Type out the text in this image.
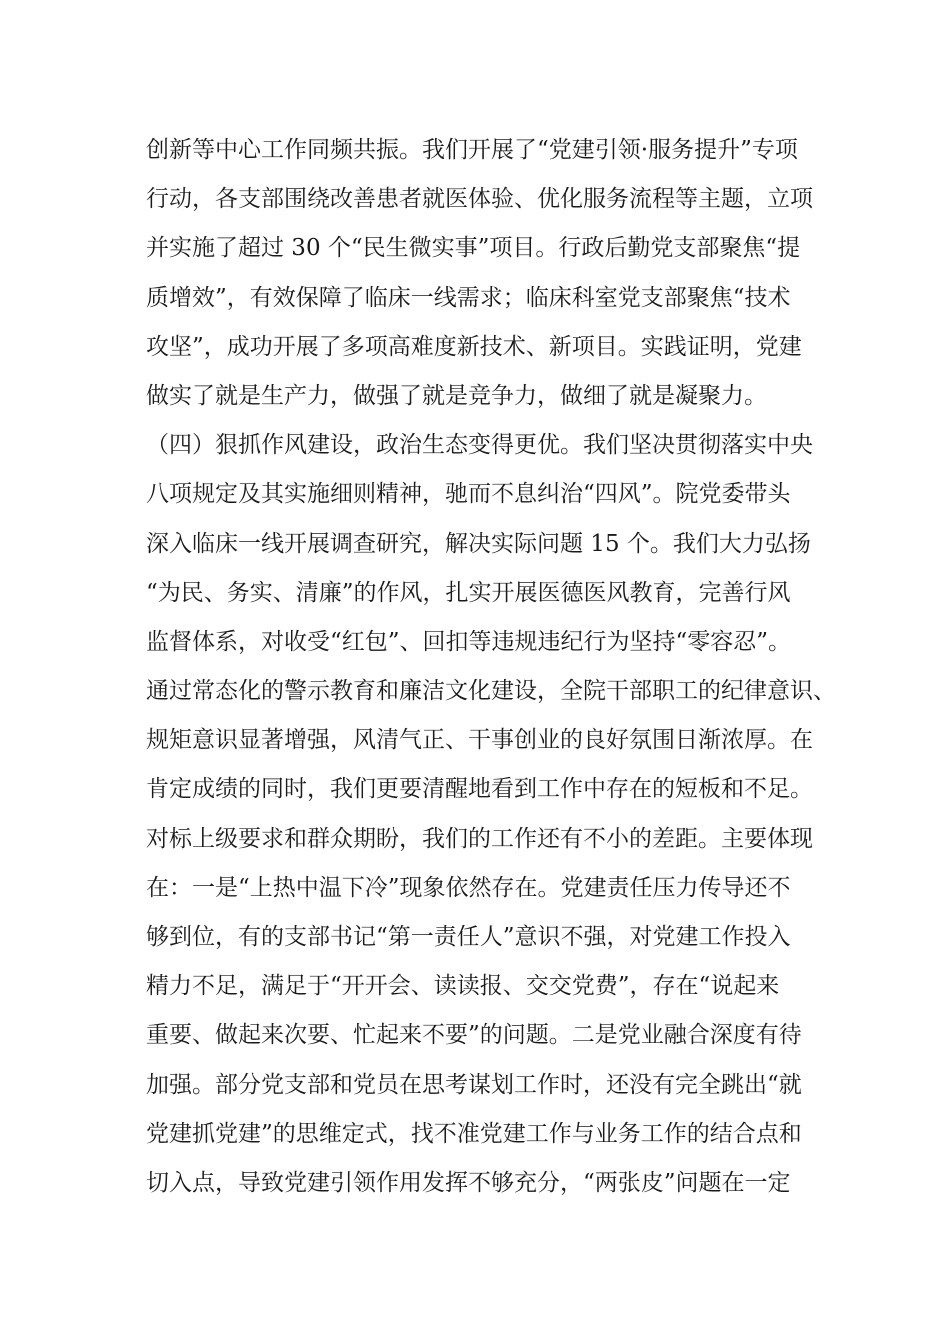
创新等中心工作同频共振。我们开展了“党建引领·服务提升”专项
行动，各支部围绕改善患者就医体验、优化服务流程等主题，立项
并实施了超过 30 个“民生微实事”项目。行政后勤党支部聚焦“提
质增效”，有效保障了临床一线需求；临床科室党支部聚焦“技术
攻坚”，成功开展了多项高难度新技术、新项目。实践证明，党建
做实了就是生产力，做强了就是竞争力，做细了就是凝聚力。
（四）狠抓作风建设，政治生态变得更优。我们坚决贯彻落实中央
八项规定及其实施细则精神，驰而不息纠治“四风”。院党委带头
深入临床一线开展调查研究，解决实际问题 15 个。我们大力弘扬
“为民、务实、清廉”的作风，扎实开展医德医风教育，完善行风
监督体系，对收受“红包”、回扣等违规违纪行为坚持“零容忍”。
通过常态化的警示教育和廉洁文化建设，全院干部职工的纪律意识、
规矩意识显著增强，风清气正、干事创业的良好氛围日渐浓厚。在
肯定成绩的同时，我们更要清醒地看到工作中存在的短板和不足。
对标上级要求和群众期盼，我们的工作还有不小的差距。主要体现
在：一是“上热中温下冷”现象依然存在。党建责任压力传导还不
够到位，有的支部书记“第一责任人”意识不强，对党建工作投入
精力不足，满足于“开开会、读读报、交交党费”，存在“说起来
重要、做起来次要、忙起来不要”的问题。二是党业融合深度有待
加强。部分党支部和党员在思考谋划工作时，还没有完全跳出“就
党建抓党建”的思维定式，找不准党建工作与业务工作的结合点和
切入点，导致党建引领作用发挥不够充分，“两张皮”问题在一定
